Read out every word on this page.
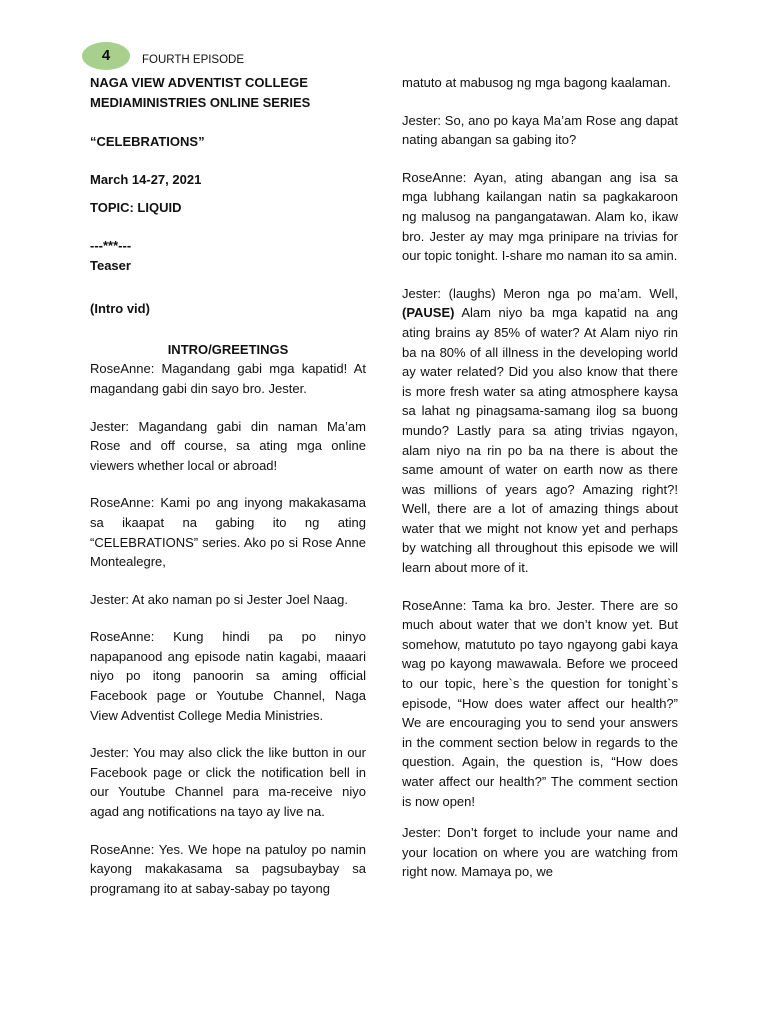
4	FOURTH EPISODE

NAGA VIEW ADVENTIST COLLEGE

MEDIAMINISTRIES ONLINE SERIES

“CELEBRATIONS”

March 14-27, 2021

TOPIC: LIQUID

---***---

Teaser

(Intro vid)

INTRO/GREETINGS

RoseAnne: Magandang gabi mga kapatid! At magandang gabi din sayo bro. Jester.

Jester: Magandang gabi din naman Ma’am Rose and off course, sa ating mga online viewers whether local or abroad!

RoseAnne: Kami po ang inyong makakasama sa ikaapat na gabing ito ng ating “CELEBRATIONS” series. Ako po si Rose Anne Montealegre,

Jester: At ako naman po si Jester Joel Naag.

RoseAnne: Kung hindi pa po ninyo napapanood ang episode natin kagabi, maaari niyo po itong panoorin sa aming official Facebook page or Youtube Channel, Naga View Adventist College Media Ministries.

Jester: You may also click the like button in our Facebook page or click the notification bell in our Youtube Channel para ma-receive niyo agad ang notifications na tayo ay live na.

RoseAnne: Yes. We hope na patuloy po namin kayong makakasama sa pagsubaybay sa programang ito at sabay-sabay po tayong

matuto at mabusog ng mga bagong kaalaman.

Jester: So, ano po kaya Ma’am Rose ang dapat nating abangan sa gabing ito?

RoseAnne: Ayan, ating abangan ang isa sa mga lubhang kailangan natin sa pagkakaroon ng malusog na pangangatawan. Alam ko, ikaw bro. Jester ay may mga prinipare na trivias for our topic tonight. I-share mo naman ito sa amin.

Jester: (laughs) Meron nga po ma’am. Well, (PAUSE) Alam niyo ba mga kapatid na ang ating brains ay 85% of water? At Alam niyo rin ba na 80% of all illness in the developing world ay water related? Did you also know that there is more fresh water sa ating atmosphere kaysa sa lahat ng pinagsama-samang ilog sa buong mundo? Lastly para sa ating trivias ngayon, alam niyo na rin po ba na there is about the same amount of water on earth now as there was millions of years ago? Amazing right?! Well, there are a lot of amazing things about water that we might not know yet and perhaps by watching all throughout this episode we will learn about more of it.

RoseAnne: Tama ka bro. Jester. There are so much about water that we don’t know yet. But somehow, matututo po tayo ngayong gabi kaya wag po kayong mawawala. Before we proceed to our topic, here`s the question for tonight`s episode, “How does water affect our health?” We are encouraging you to send your answers in the comment section below in regards to the question. Again, the question is, “How does water affect our health?” The comment section is now open!

Jester: Don’t forget to include your name and your location on where you are watching from right now. Mamaya po, we
